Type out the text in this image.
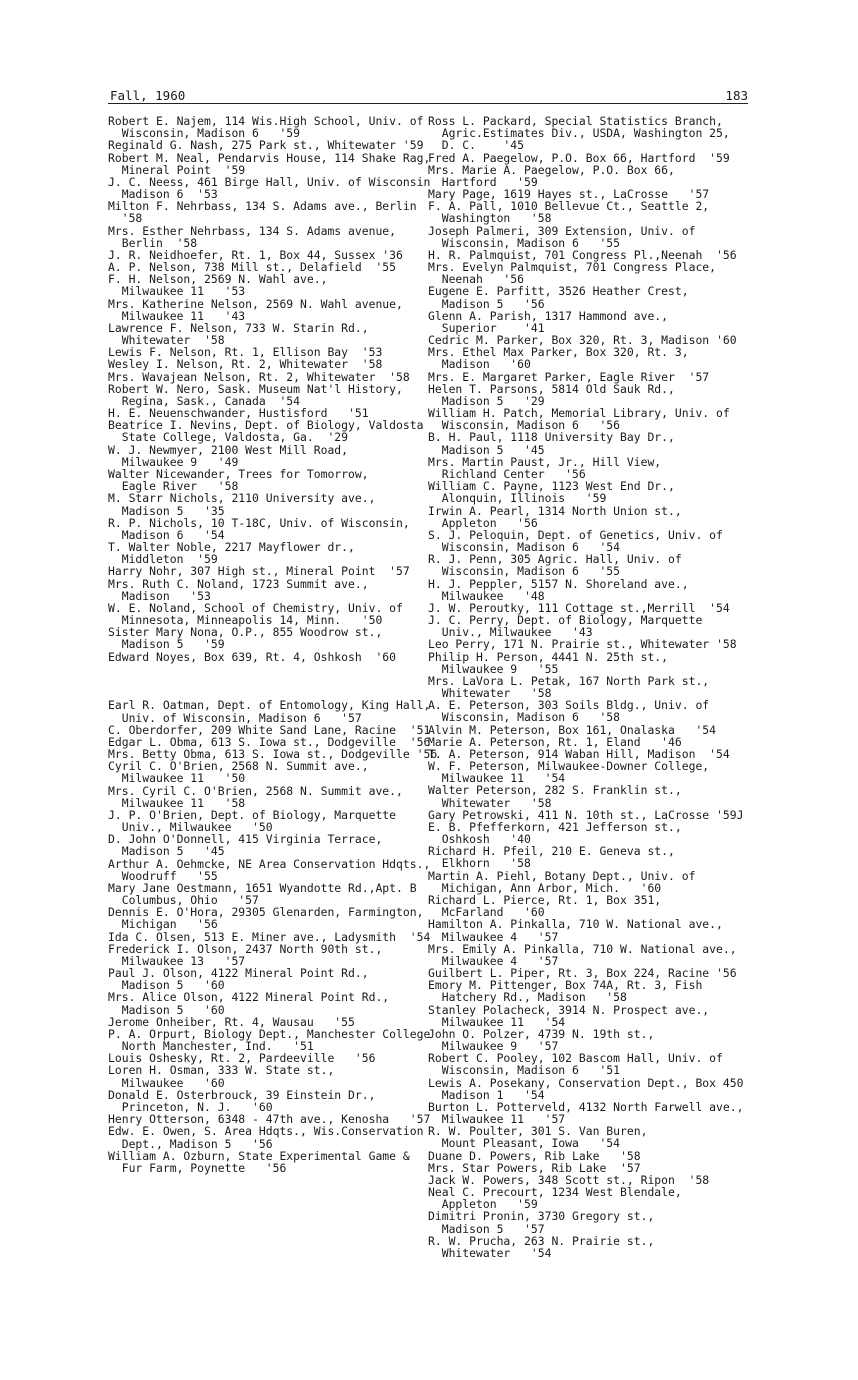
Fall, 1960	183
Robert E. Najem, 114 Wis.High School, Univ. of
Wisconsin, Madison 6   '59
Reginald G. Nash, 275 Park st., Whitewater '59
Robert M. Neal, Pendarvis House, 114 Shake Rag,
Mineral Point  '59
J. C. Neess, 461 Birge Hall, Univ. of Wisconsin
Madison 6  '53
Milton F. Nehrbass, 134 S. Adams ave., Berlin
'58
Mrs. Esther Nehrbass, 134 S. Adams avenue,
Berlin  '58
J. R. Neidhoefer, Rt. 1, Box 44, Sussex '36
A. P. Nelson, 738 Mill st., Delafield  '55
F. H. Nelson, 2569 N. Wahl ave.,
Milwaukee 11   '53
Mrs. Katherine Nelson, 2569 N. Wahl avenue,
Milwaukee 11   '43
Lawrence F. Nelson, 733 W. Starin Rd.,
Whitewater  '58
Lewis F. Nelson, Rt. 1, Ellison Bay  '53
Wesley I. Nelson, Rt. 2, Whitewater  '58
Mrs. Wavajean Nelson, Rt. 2, Whitewater  '58
Robert W. Nero, Sask. Museum Nat'l History,
Regina, Sask., Canada  '54
H. E. Neuenschwander, Hustisford   '51
Beatrice I. Nevins, Dept. of Biology, Valdosta
State College, Valdosta, Ga.  '29
W. J. Newmyer, 2100 West Mill Road,
Milwaukee 9   '49
Walter Nicewander, Trees for Tomorrow,
Eagle River   '58
M. Starr Nichols, 2110 University ave.,
Madison 5   '35
R. P. Nichols, 10 T-18C, Univ. of Wisconsin,
Madison 6   '54
T. Walter Noble, 2217 Mayflower dr.,
Middleton  '59
Harry Nohr, 307 High st., Mineral Point  '57
Mrs. Ruth C. Noland, 1723 Summit ave.,
Madison   '53
W. E. Noland, School of Chemistry, Univ. of
Minnesota, Minneapolis 14, Minn.   '50
Sister Mary Nona, O.P., 855 Woodrow st.,
Madison 5   '59
Edward Noyes, Box 639, Rt. 4, Oshkosh  '60
Earl R. Oatman, Dept. of Entomology, King Hall,
Univ. of Wisconsin, Madison 6   '57
C. Oberdorfer, 209 White Sand Lane, Racine  '51
Edgar L. Obma, 613 S. Iowa st., Dodgeville  '56
Mrs. Betty Obma, 613 S. Iowa st., Dodgeville '56
Cyril C. O'Brien, 2568 N. Summit ave.,
Milwaukee 11   '50
Mrs. Cyril C. O'Brien, 2568 N. Summit ave.,
Milwaukee 11   '58
J. P. O'Brien, Dept. of Biology, Marquette
Univ., Milwaukee   '50
D. John O'Donnell, 415 Virginia Terrace,
Madison 5   '45
Arthur A. Oehmcke, NE Area Conservation Hdqts.,
Woodruff   '55
Mary Jane Oestmann, 1651 Wyandotte Rd.,Apt. B
Columbus, Ohio   '57
Dennis E. O'Hora, 29305 Glenarden, Farmington,
Michigan   '56
Ida C. Olsen, 513 E. Miner ave., Ladysmith  '54
Frederick I. Olson, 2437 North 90th st.,
Milwaukee 13   '57
Paul J. Olson, 4122 Mineral Point Rd.,
Madison 5   '60
Mrs. Alice Olson, 4122 Mineral Point Rd.,
Madison 5   '60
Jerome Onheiber, Rt. 4, Wausau   '55
P. A. Orpurt, Biology Dept., Manchester College
North Manchester, Ind.   '51
Louis Oshesky, Rt. 2, Pardeeville   '56
Loren H. Osman, 333 W. State st.,
Milwaukee   '60
Donald E. Osterbrouck, 39 Einstein Dr.,
Princeton, N. J.   '60
Henry Otterson, 6348 - 47th ave., Kenosha   '57
Edw. E. Owen, S. Area Hdqts., Wis.Conservation
Dept., Madison 5   '56
William A. Ozburn, State Experimental Game &
Fur Farm, Poynette   '56
Ross L. Packard, Special Statistics Branch,
Agric.Estimates Div., USDA, Washington 25,
D. C.    '45
Fred A. Paegelow, P.O. Box 66, Hartford  '59
Mrs. Marie A. Paegelow, P.O. Box 66,
Hartford   '59
Mary Page, 1619 Hayes st., LaCrosse   '57
F. A. Pall, 1010 Bellevue Ct., Seattle 2,
Washington   '58
Joseph Palmeri, 309 Extension, Univ. of
Wisconsin, Madison 6   '55
H. R. Palmquist, 701 Congress Pl.,Neenah  '56
Mrs. Evelyn Palmquist, 701 Congress Place,
Neenah   '56
Eugene E. Parfitt, 3526 Heather Crest,
Madison 5   '56
Glenn A. Parish, 1317 Hammond ave.,
Superior    '41
Cedric M. Parker, Box 320, Rt. 3, Madison '60
Mrs. Ethel Max Parker, Box 320, Rt. 3,
Madison   '60
Mrs. E. Margaret Parker, Eagle River  '57
Helen T. Parsons, 5814 Old Sauk Rd.,
Madison 5   '29
William H. Patch, Memorial Library, Univ. of
Wisconsin, Madison 6   '56
B. H. Paul, 1118 University Bay Dr.,
Madison 5   '45
Mrs. Martin Paust, Jr., Hill View,
Richland Center   '56
William C. Payne, 1123 West End Dr.,
Alonquin, Illinois   '59
Irwin A. Pearl, 1314 North Union st.,
Appleton   '56
S. J. Peloquin, Dept. of Genetics, Univ. of
Wisconsin, Madison 6   '54
R. J. Penn, 305 Agric. Hall, Univ. of
Wisconsin, Madison 6   '55
H. J. Peppler, 5157 N. Shoreland ave.,
Milwaukee   '48
J. W. Peroutky, 111 Cottage st.,Merrill  '54
J. C. Perry, Dept. of Biology, Marquette
Univ., Milwaukee   '43
Leo Perry, 171 N. Prairie st., Whitewater '58
Philip H. Person, 4441 N. 25th st.,
Milwaukee 9   '55
Mrs. LaVora L. Petak, 167 North Park st.,
Whitewater   '58
A. E. Peterson, 303 Soils Bldg., Univ. of
Wisconsin, Madison 6   '58
Alvin M. Peterson, Box 161, Onalaska   '54
Marie A. Peterson, Rt. 1, Eland   '46
T. A. Peterson, 914 Waban Hill, Madison  '54
W. F. Peterson, Milwaukee-Downer College,
Milwaukee 11   '54
Walter Peterson, 282 S. Franklin st.,
Whitewater   '58
Gary Petrowski, 411 N. 10th st., LaCrosse '59J
E. B. Pfefferkorn, 421 Jefferson st.,
Oshkosh   '40
Richard H. Pfeil, 210 E. Geneva st.,
Elkhorn   '58
Martin A. Piehl, Botany Dept., Univ. of
Michigan, Ann Arbor, Mich.   '60
Richard L. Pierce, Rt. 1, Box 351,
McFarland   '60
Hamilton A. Pinkalla, 710 W. National ave.,
Milwaukee 4   '57
Mrs. Emily A. Pinkalla, 710 W. National ave.,
Milwaukee 4   '57
Guilbert L. Piper, Rt. 3, Box 224, Racine '56
Emory M. Pittenger, Box 74A, Rt. 3, Fish
Hatchery Rd., Madison   '58
Stanley Polacheck, 3914 N. Prospect ave.,
Milwaukee 11   '54
John O. Polzer, 4739 N. 19th st.,
Milwaukee 9   '57
Robert C. Pooley, 102 Bascom Hall, Univ. of
Wisconsin, Madison 6   '51
Lewis A. Posekany, Conservation Dept., Box 450
Madison 1   '54
Burton L. Potterveld, 4132 North Farwell ave.,
Milwaukee 11   '57
R. W. Poulter, 301 S. Van Buren,
Mount Pleasant, Iowa   '54
Duane D. Powers, Rib Lake   '58
Mrs. Star Powers, Rib Lake  '57
Jack W. Powers, 348 Scott st., Ripon  '58
Neal C. Precourt, 1234 West Blendale,
Appleton   '59
Dimitri Pronin, 3730 Gregory st.,
Madison 5   '57
R. W. Prucha, 263 N. Prairie st.,
Whitewater   '54
